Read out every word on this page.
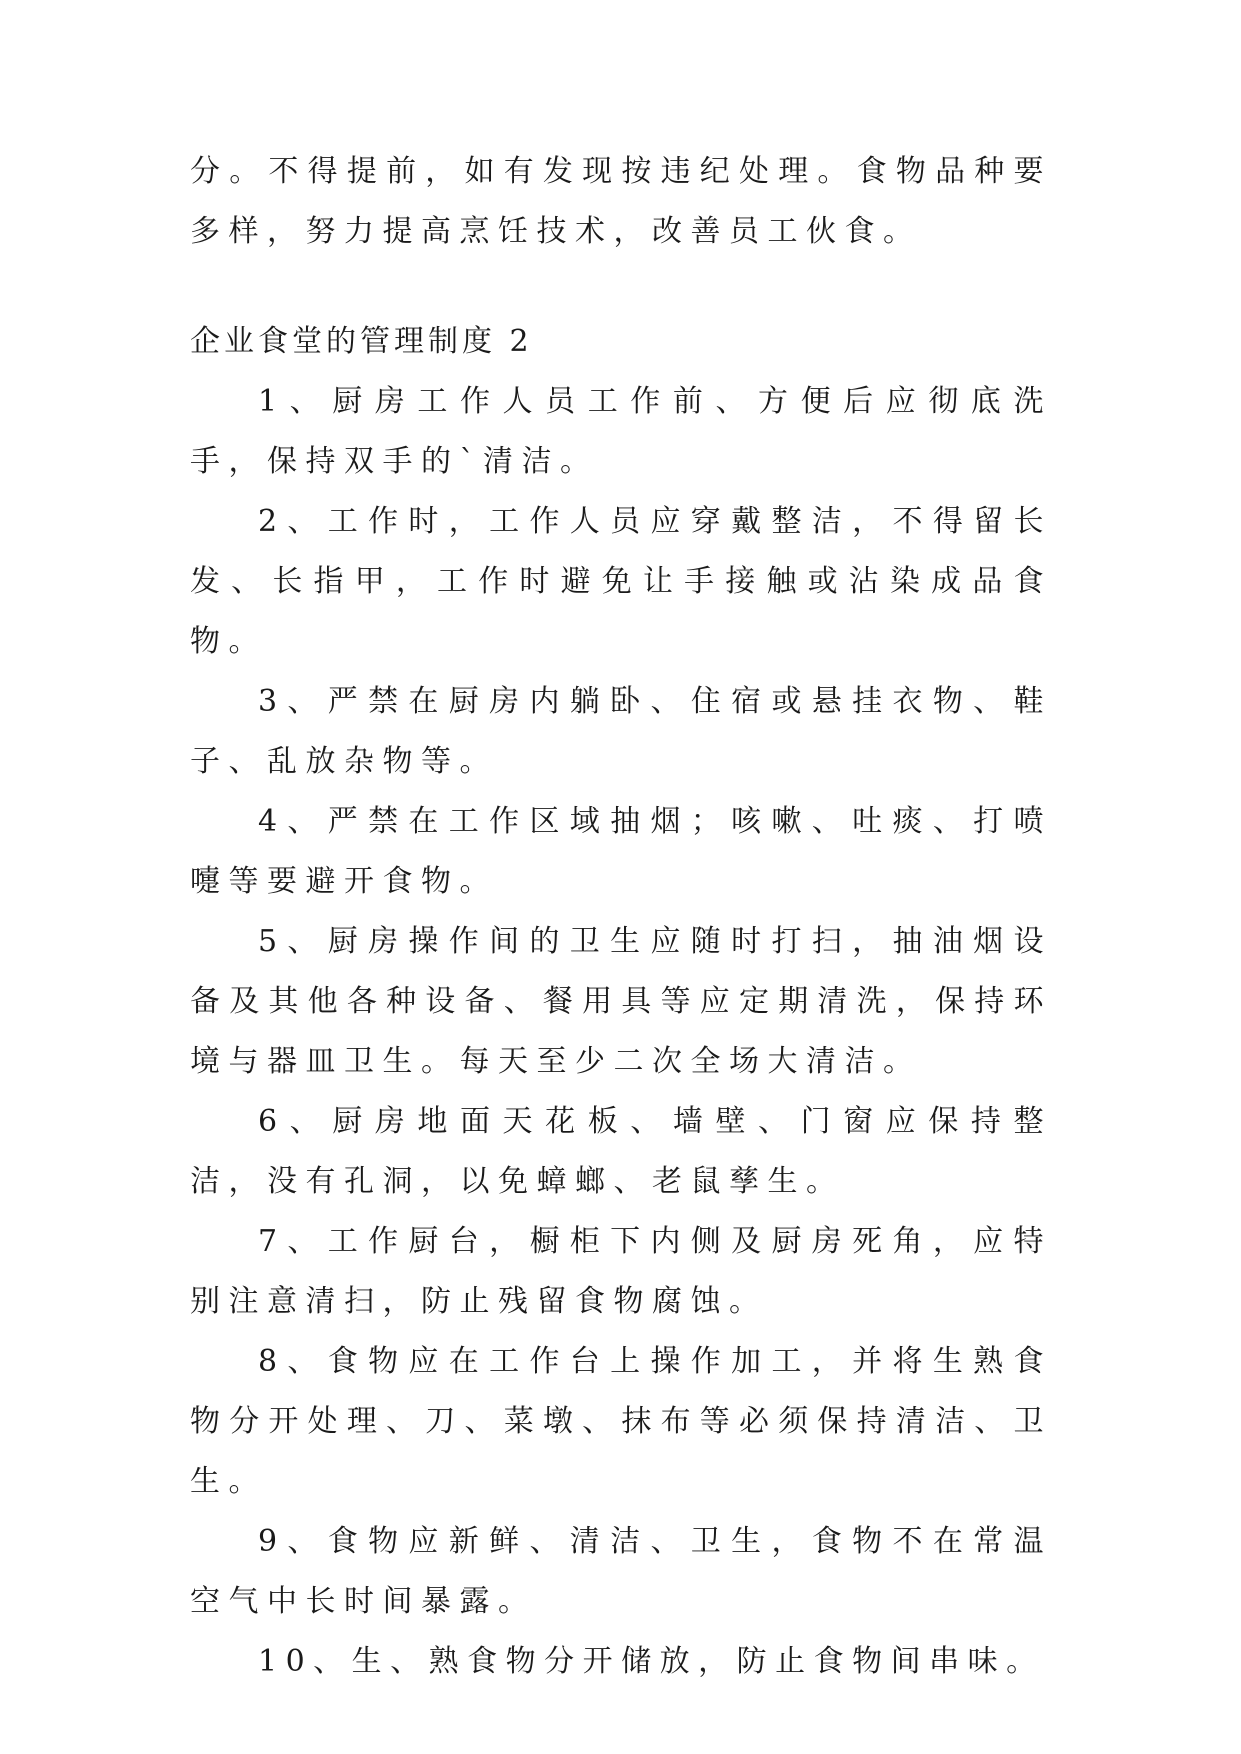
分。不得提前，如有发现按违纪处理。食物品种要多样，努力提高烹饪技术，改善员工伙食。

企业食堂的管理制度 2

1、厨房工作人员工作前、方便后应彻底洗手，保持双手的`清洁。

2、工作时，工作人员应穿戴整洁，不得留长发、长指甲，工作时避免让手接触或沾染成品食物。

3、严禁在厨房内躺卧、住宿或悬挂衣物、鞋子、乱放杂物等。

4、严禁在工作区域抽烟；咳嗽、吐痰、打喷嚏等要避开食物。

5、厨房操作间的卫生应随时打扫，抽油烟设备及其他各种设备、餐用具等应定期清洗，保持环境与器皿卫生。每天至少二次全场大清洁。

6、厨房地面天花板、墙壁、门窗应保持整洁，没有孔洞，以免蟑螂、老鼠孳生。

7、工作厨台，橱柜下内侧及厨房死角，应特别注意清扫，防止残留食物腐蚀。

8、食物应在工作台上操作加工，并将生熟食物分开处理、刀、菜墩、抹布等必须保持清洁、卫生。

9、食物应新鲜、清洁、卫生，食物不在常温空气中长时间暴露。

10、生、熟食物分开储放，防止食物间串味。
